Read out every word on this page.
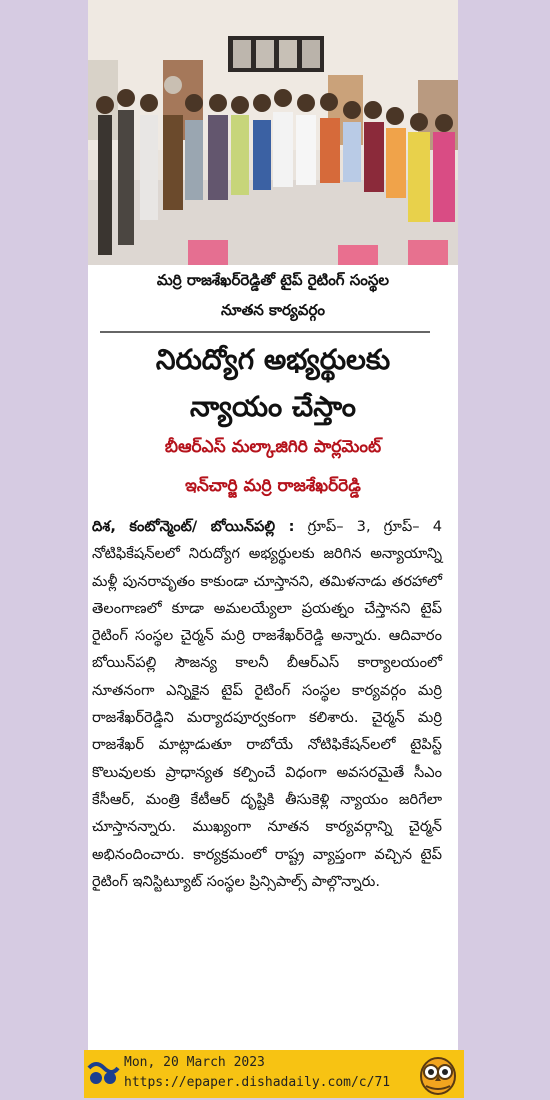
మర్రి రాజశేఖర్‌రెడ్డితో టైప్ రైటింగ్ సంస్థల
నూతన కార్యవర్గం
నిరుద్యోగ అభ్యర్థులకు
న్యాయం చేస్తాం
బీఆర్ఎస్ మల్కాజిగిరి పార్లమెంట్
ఇన్‌చార్జి మర్రి రాజశేఖర్‌రెడ్డి
దిశ, కంటోన్మెంట్/ బోయిన్‌పల్లి : గ్రూప్– 3, గ్రూప్– 4 నోటిఫికేషన్‌లలో నిరుద్యోగ అభ్యర్థులకు జరిగిన అన్యాయాన్ని మళ్లీ పునరావృతం కాకుండా చూస్తానని, తమిళనాడు తరహాలో తెలంగాణలో కూడా అమలయ్యేలా ప్రయత్నం చేస్తానని టైప్ రైటింగ్ సంస్థల చైర్మన్ మర్రి రాజశేఖర్‌రెడ్డి అన్నారు. ఆదివారం బోయిన్‌పల్లి సౌజన్య కాలనీ బీఆర్ఎస్ కార్యాలయంలో నూతనంగా ఎన్నికైన టైప్ రైటింగ్ సంస్థల కార్యవర్గం మర్రి రాజశేఖర్‌రెడ్డిని మర్యాదపూర్వకంగా కలిశారు. చైర్మన్ మర్రి రాజశేఖర్ మాట్లాడుతూ రాబోయే నోటిఫికేషన్‌లలో టైపిస్ట్ కొలువులకు ప్రాధాన్యత కల్పించే విధంగా అవసరమైతే సీఎం కేసీఆర్, మంత్రి కేటీఆర్ దృష్టికి తీసుకెళ్లి న్యాయం జరిగేలా చూస్తానన్నారు. ముఖ్యంగా నూతన కార్యవర్గాన్ని చైర్మన్ అభినందించారు. కార్యక్రమంలో రాష్ట్ర వ్యాప్తంగా వచ్చిన టైప్ రైటింగ్ ఇనిస్టిట్యూట్ సంస్థల ప్రిన్సిపాల్స్ పాల్గొన్నారు.
Mon, 20 March 2023
https://epaper.dishadaily.com/c/71
